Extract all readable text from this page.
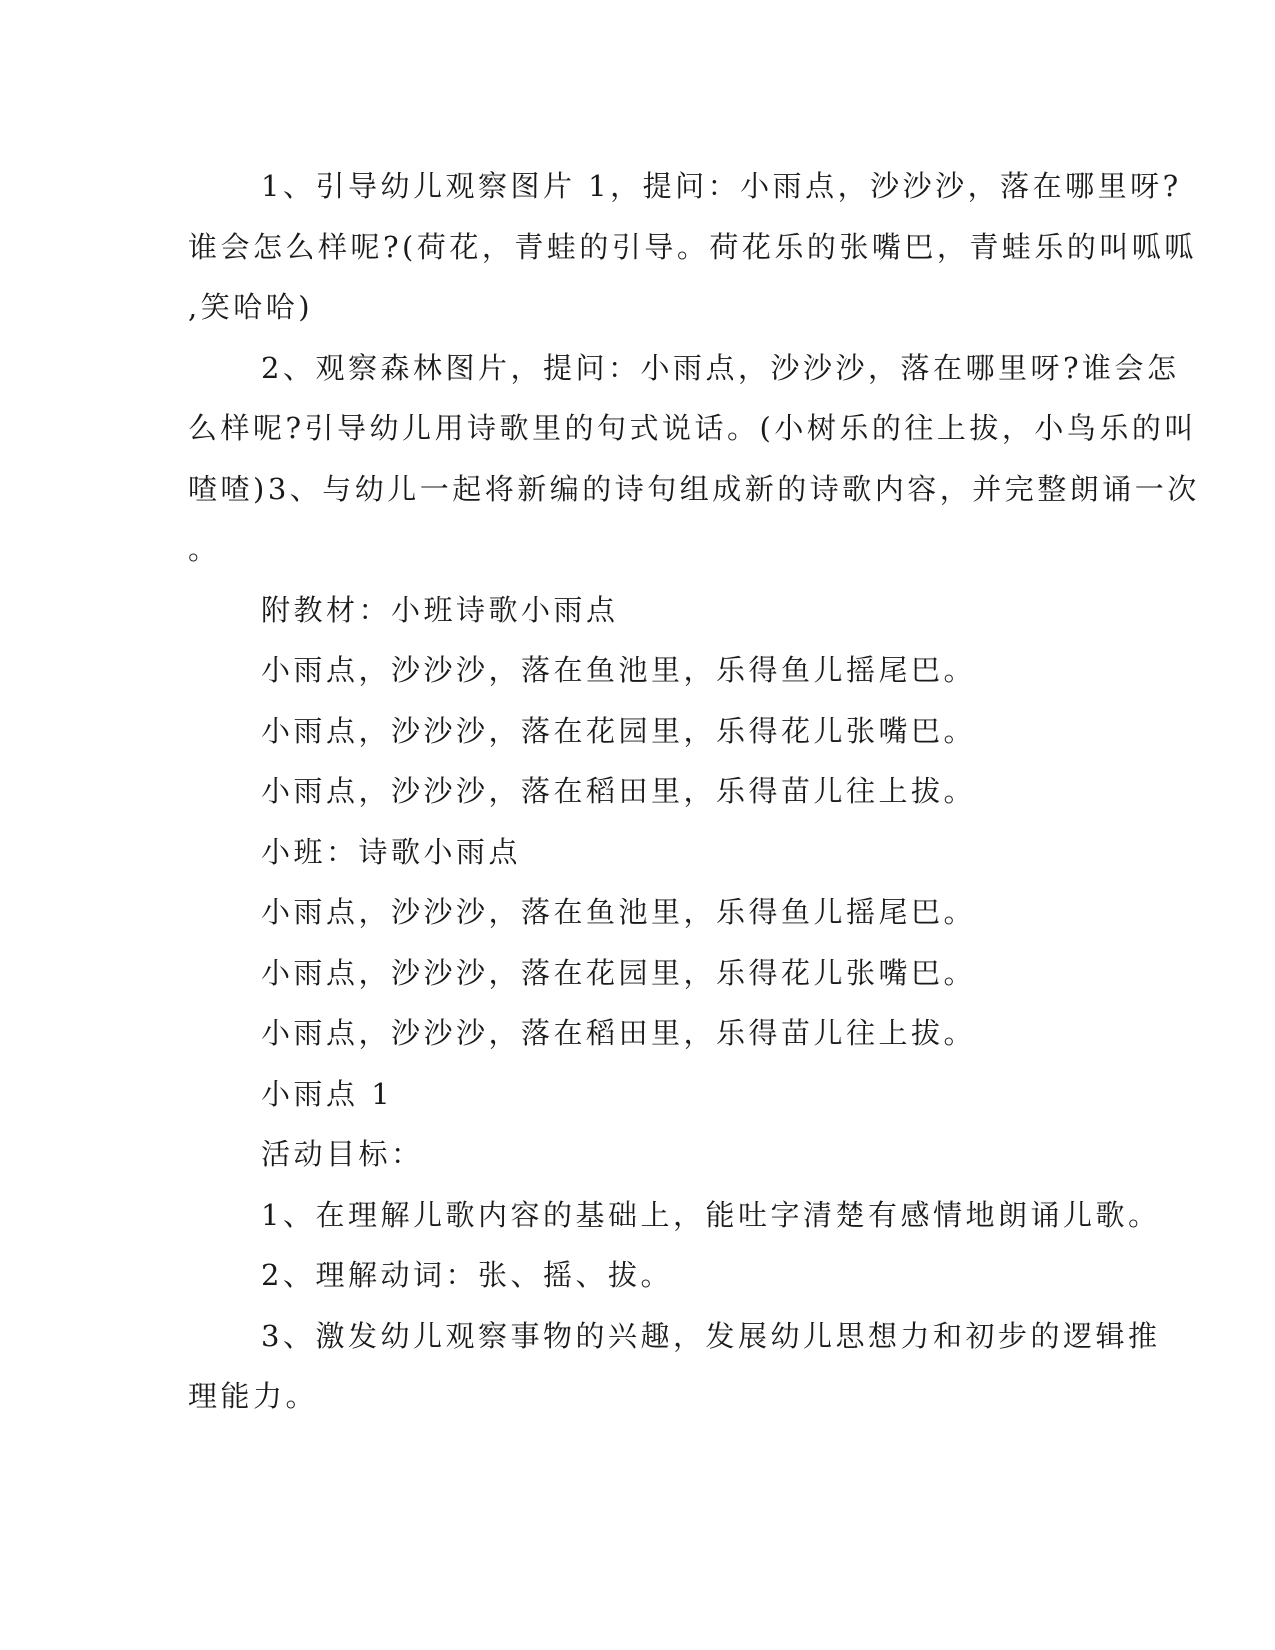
1、引导幼儿观察图片 1，提问：小雨点，沙沙沙，落在哪里呀?
谁会怎么样呢?(荷花，青蛙的引导。荷花乐的张嘴巴，青蛙乐的叫呱呱
,笑哈哈)
2、观察森林图片，提问：小雨点，沙沙沙，落在哪里呀?谁会怎
么样呢?引导幼儿用诗歌里的句式说话。(小树乐的往上拔，小鸟乐的叫
喳喳)3、与幼儿一起将新编的诗句组成新的诗歌内容，并完整朗诵一次
。
附教材：小班诗歌小雨点
小雨点，沙沙沙，落在鱼池里，乐得鱼儿摇尾巴。
小雨点，沙沙沙，落在花园里，乐得花儿张嘴巴。
小雨点，沙沙沙，落在稻田里，乐得苗儿往上拔。
小班：诗歌小雨点
小雨点，沙沙沙，落在鱼池里，乐得鱼儿摇尾巴。
小雨点，沙沙沙，落在花园里，乐得花儿张嘴巴。
小雨点，沙沙沙，落在稻田里，乐得苗儿往上拔。
小雨点 1
活动目标：
1、在理解儿歌内容的基础上，能吐字清楚有感情地朗诵儿歌。
2、理解动词：张、摇、拔。
3、激发幼儿观察事物的兴趣，发展幼儿思想力和初步的逻辑推
理能力。
